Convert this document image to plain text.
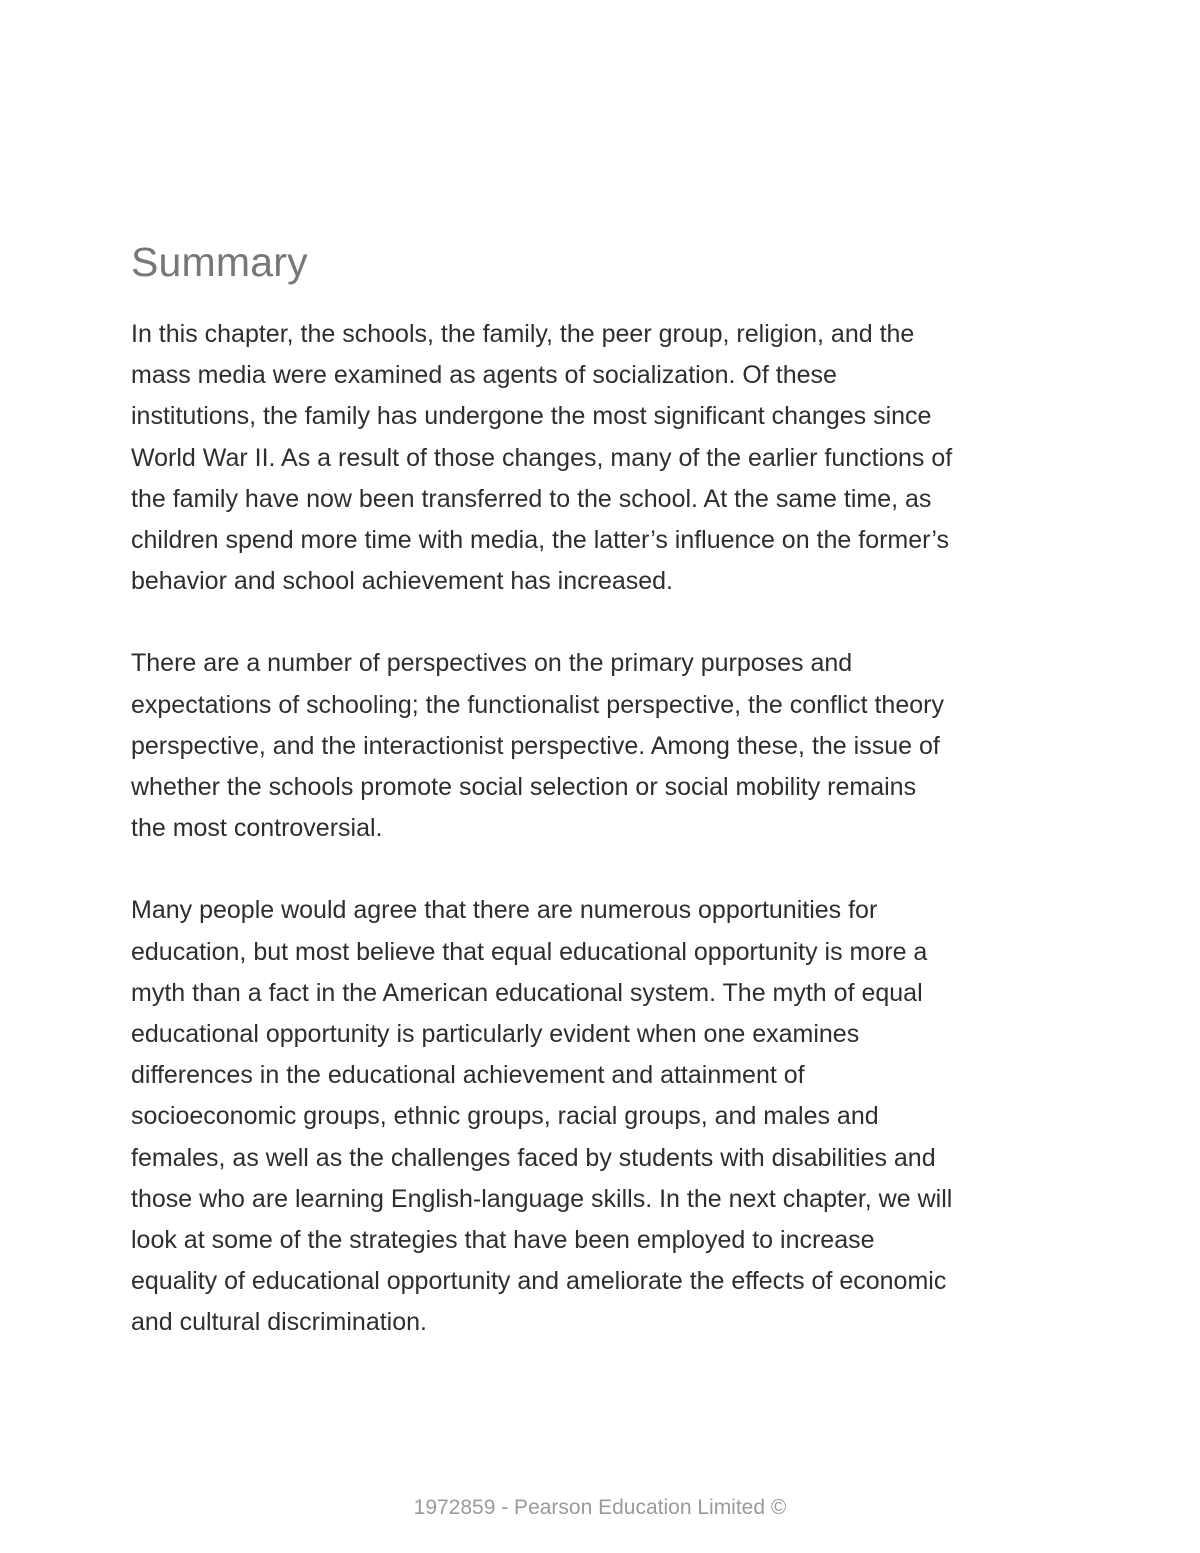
Summary

In this chapter, the schools, the family, the peer group, religion, and the
mass media were examined as agents of socialization. Of these
institutions, the family has undergone the most significant changes since
World War II. As a result of those changes, many of the earlier functions of
the family have now been transferred to the school. At the same time, as
children spend more time with media, the latter’s influence on the former’s
behavior and school achievement has increased.

There are a number of perspectives on the primary purposes and
expectations of schooling; the functionalist perspective, the conflict theory
perspective, and the interactionist perspective. Among these, the issue of
whether the schools promote social selection or social mobility remains
the most controversial.

Many people would agree that there are numerous opportunities for
education, but most believe that equal educational opportunity is more a
myth than a fact in the American educational system. The myth of equal
educational opportunity is particularly evident when one examines
differences in the educational achievement and attainment of
socioeconomic groups, ethnic groups, racial groups, and males and
females, as well as the challenges faced by students with disabilities and
those who are learning English-language skills. In the next chapter, we will
look at some of the strategies that have been employed to increase
equality of educational opportunity and ameliorate the effects of economic
and cultural discrimination.

1972859 - Pearson Education Limited ©
